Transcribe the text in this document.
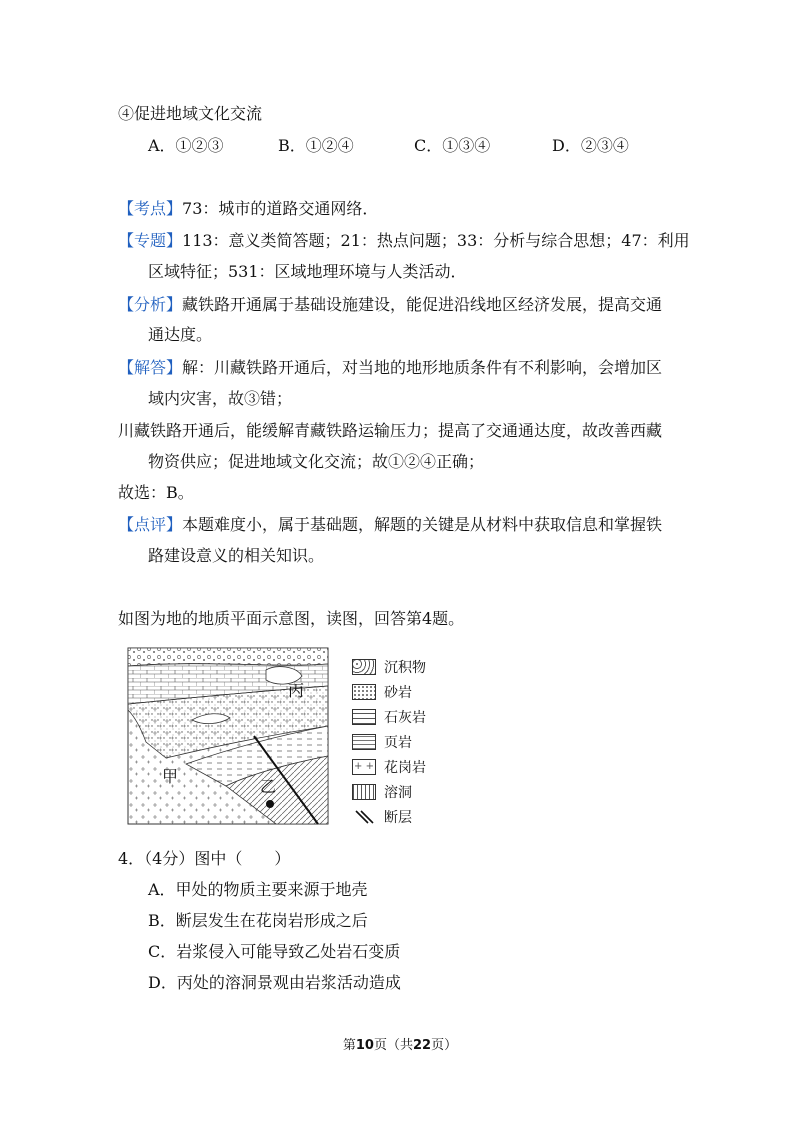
④促进地域文化交流
A．①②③	B．①②④	C．①③④	D．②③④
【考点】73：城市的道路交通网络．
【专题】113：意义类简答题；21：热点问题；33：分析与综合思想；47：利用
区域特征；531：区域地理环境与人类活动．
【分析】藏铁路开通属于基础设施建设，能促进沿线地区经济发展，提高交通
通达度。
【解答】解：川藏铁路开通后，对当地的地形地质条件有不利影响，会增加区
域内灾害，故③错；
川藏铁路开通后，能缓解青藏铁路运输压力；提高了交通通达度，故改善西藏
物资供应；促进地域文化交流；故①②④正确；
故选：B。
【点评】本题难度小，属于基础题，解题的关键是从材料中获取信息和掌握铁
路建设意义的相关知识。
如图为地的地质平面示意图，读图，回答第4题。
丙
甲
乙
沉积物
砂岩
石灰岩
页岩
+ + 花岗岩
溶洞
断层
4．（4分）图中（　　）
A．甲处的物质主要来源于地壳
B．断层发生在花岗岩形成之后
C．岩浆侵入可能导致乙处岩石变质
D．丙处的溶洞景观由岩浆活动造成
第10页（共22页）
